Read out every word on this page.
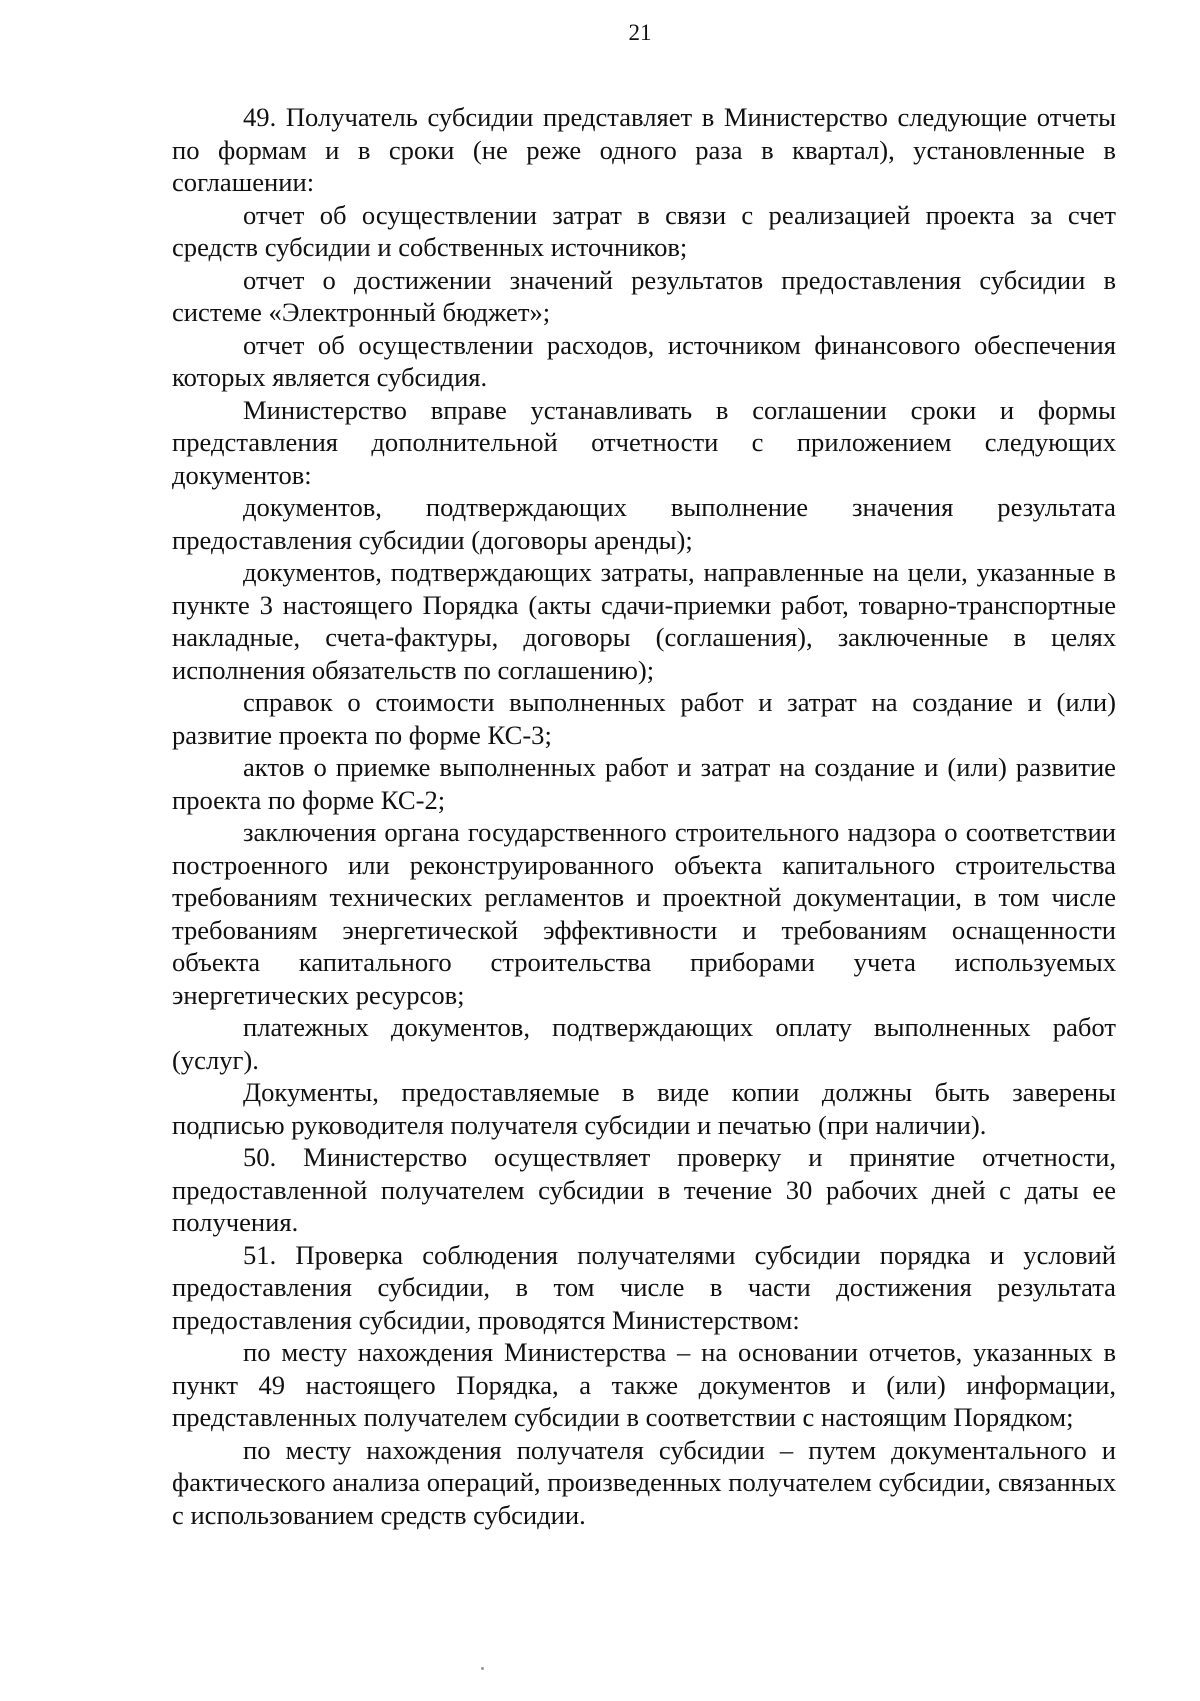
21

49. Получатель субсидии представляет в Министерство следующие отчеты по формам и в сроки (не реже одного раза в квартал), установленные в соглашении:

отчет об осуществлении затрат в связи с реализацией проекта за счет средств субсидии и собственных источников;

отчет о достижении значений результатов предоставления субсидии в системе «Электронный бюджет»;

отчет об осуществлении расходов, источником финансового обеспечения которых является субсидия.

Министерство вправе устанавливать в соглашении сроки и формы представления дополнительной отчетности с приложением следующих документов:

документов, подтверждающих выполнение значения результата предоставления субсидии (договоры аренды);

документов, подтверждающих затраты, направленные на цели, указанные в пункте 3 настоящего Порядка (акты сдачи-приемки работ, товарно-транспортные накладные, счета-фактуры, договоры (соглашения), заключенные в целях исполнения обязательств по соглашению);

справок о стоимости выполненных работ и затрат на создание и (или) развитие проекта по форме КС-3;

актов о приемке выполненных работ и затрат на создание и (или) развитие проекта по форме КС-2;

заключения органа государственного строительного надзора о соответствии построенного или реконструированного объекта капитального строительства требованиям технических регламентов и проектной документации, в том числе требованиям энергетической эффективности и требованиям оснащенности объекта капитального строительства приборами учета используемых энергетических ресурсов;

платежных документов, подтверждающих оплату выполненных работ (услуг).

Документы, предоставляемые в виде копии должны быть заверены подписью руководителя получателя субсидии и печатью (при наличии).

50. Министерство осуществляет проверку и принятие отчетности, предоставленной получателем субсидии в течение 30 рабочих дней с даты ее получения.

51. Проверка соблюдения получателями субсидии порядка и условий предоставления субсидии, в том числе в части достижения результата предоставления субсидии, проводятся Министерством:

по месту нахождения Министерства – на основании отчетов, указанных в пункт 49 настоящего Порядка, а также документов и (или) информации, представленных получателем субсидии в соответствии с настоящим Порядком;

по месту нахождения получателя субсидии – путем документального и фактического анализа операций, произведенных получателем субсидии, связанных с использованием средств субсидии.
